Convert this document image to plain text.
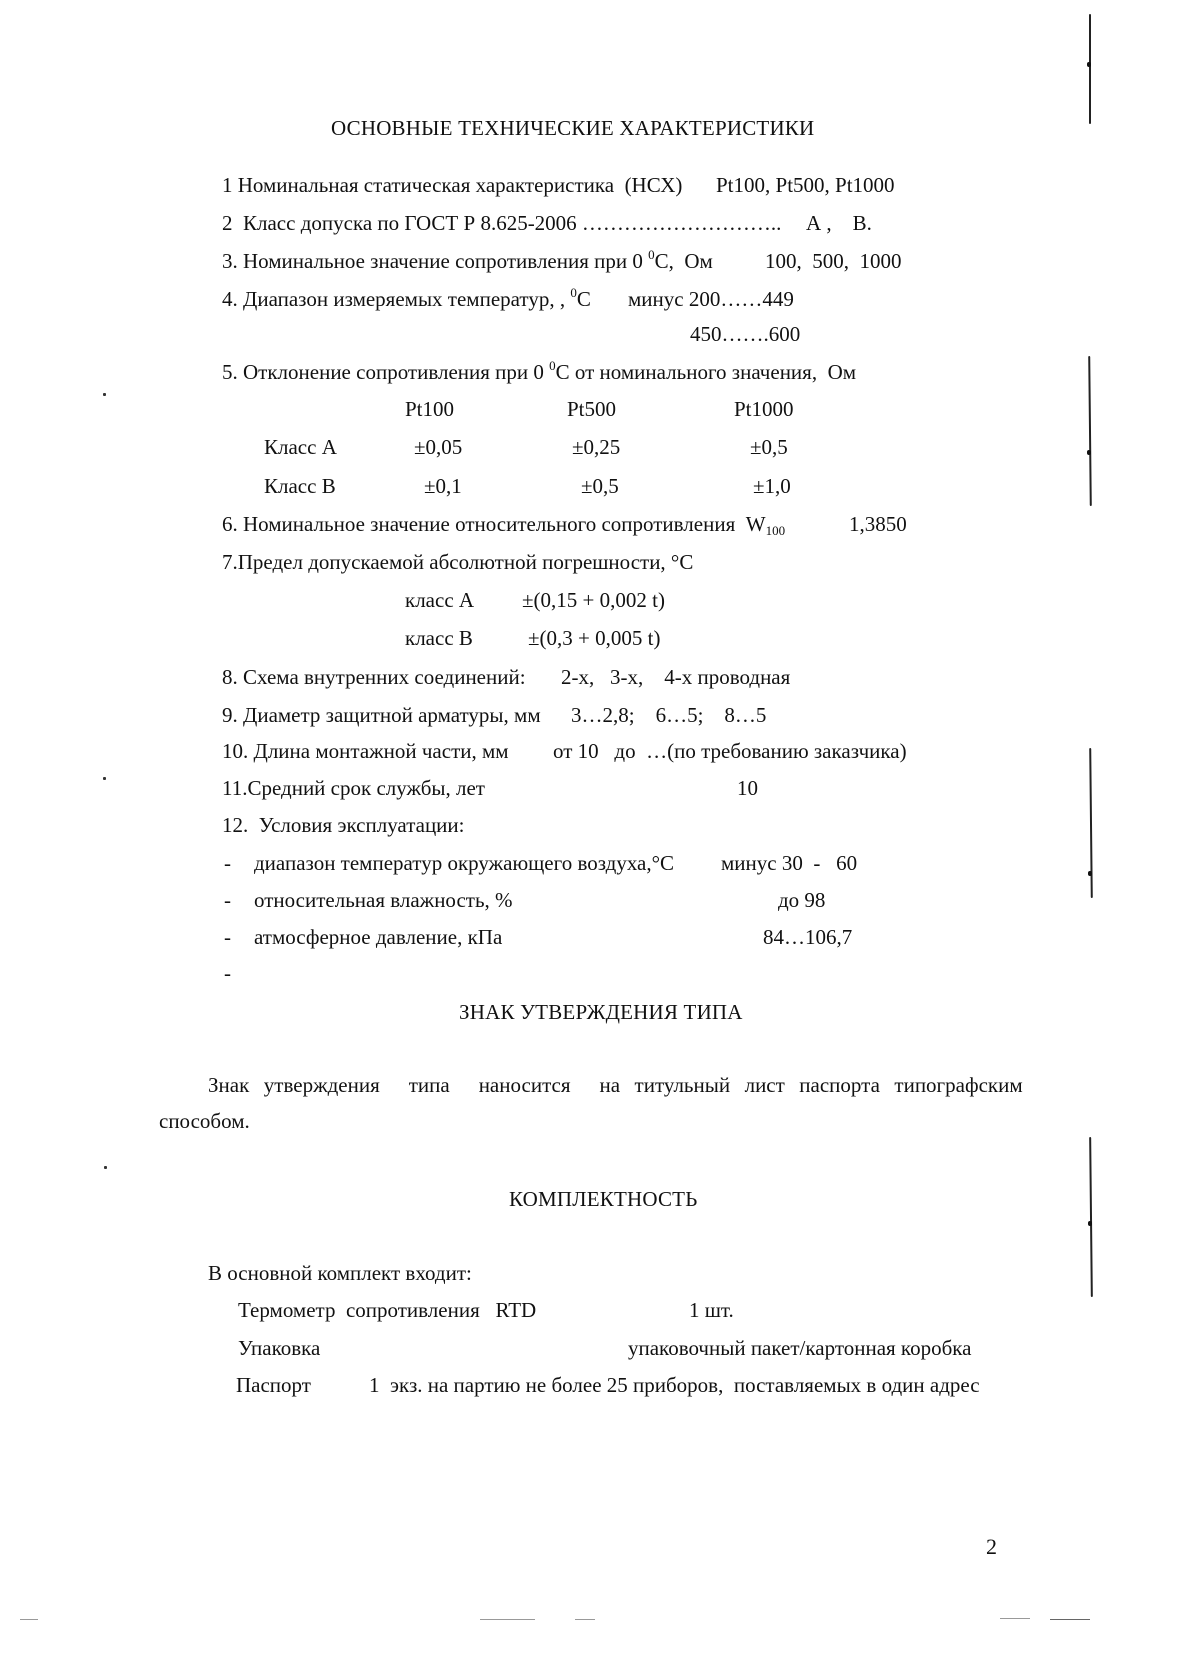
ОСНОВНЫЕ ТЕХНИЧЕСКИЕ ХАРАКТЕРИСТИКИ
1 Номинальная статическая характеристика  (НСХ) Pt100, Pt500, Pt1000
2  Класс допуска по ГОСТ Р 8.625-2006 ……………………….. А ,    В.
3. Номинальное значение сопротивления при 0 $^0$С,  Ом 100,  500,  1000
4. Диапазон измеряемых температур, , $^0$С минус 200……449
450…….600
5. Отклонение сопротивления при 0 $^0$С от номинального значения,  Ом
Pt100	Pt500	Pt1000
Класс А	±0,05	±0,25	±0,5
Класс В	±0,1	±0,5	±1,0
6. Номинальное значение относительного сопротивления  $W_{100}$	1,3850
7.Предел допускаемой абсолютной погрешности, °С
класс А ±(0,15 + 0,002 t)
класс В	±(0,3 + 0,005 t)
8. Схема внутренних соединений: 2-х,   3-х,    4-х проводная
9. Диаметр защитной арматуры, мм 3…2,8;    6…5;    8…5
10. Длина монтажной части, мм от 10   до  …(по требованию заказчика)
11.Средний срок службы, лет	10
12.  Условия эксплуатации:
- диапазон температур окружающего воздуха,°С минус 30  -   60
- относительная влажность, %	до 98
- атмосферное давление, кПа	84…106,7
-
ЗНАК УТВЕРЖДЕНИЯ ТИПА
Знак  утверждения    типа    наносится    на  титульный  лист  паспорта  типографским
способом.
КОМПЛЕКТНОСТЬ
В основной комплект входит:
Термометр  сопротивления   RTD	1 шт.
Упаковка	упаковочный пакет/картонная коробка
Паспорт	1  экз. на партию не более 25 приборов,  поставляемых в один адрес
2
